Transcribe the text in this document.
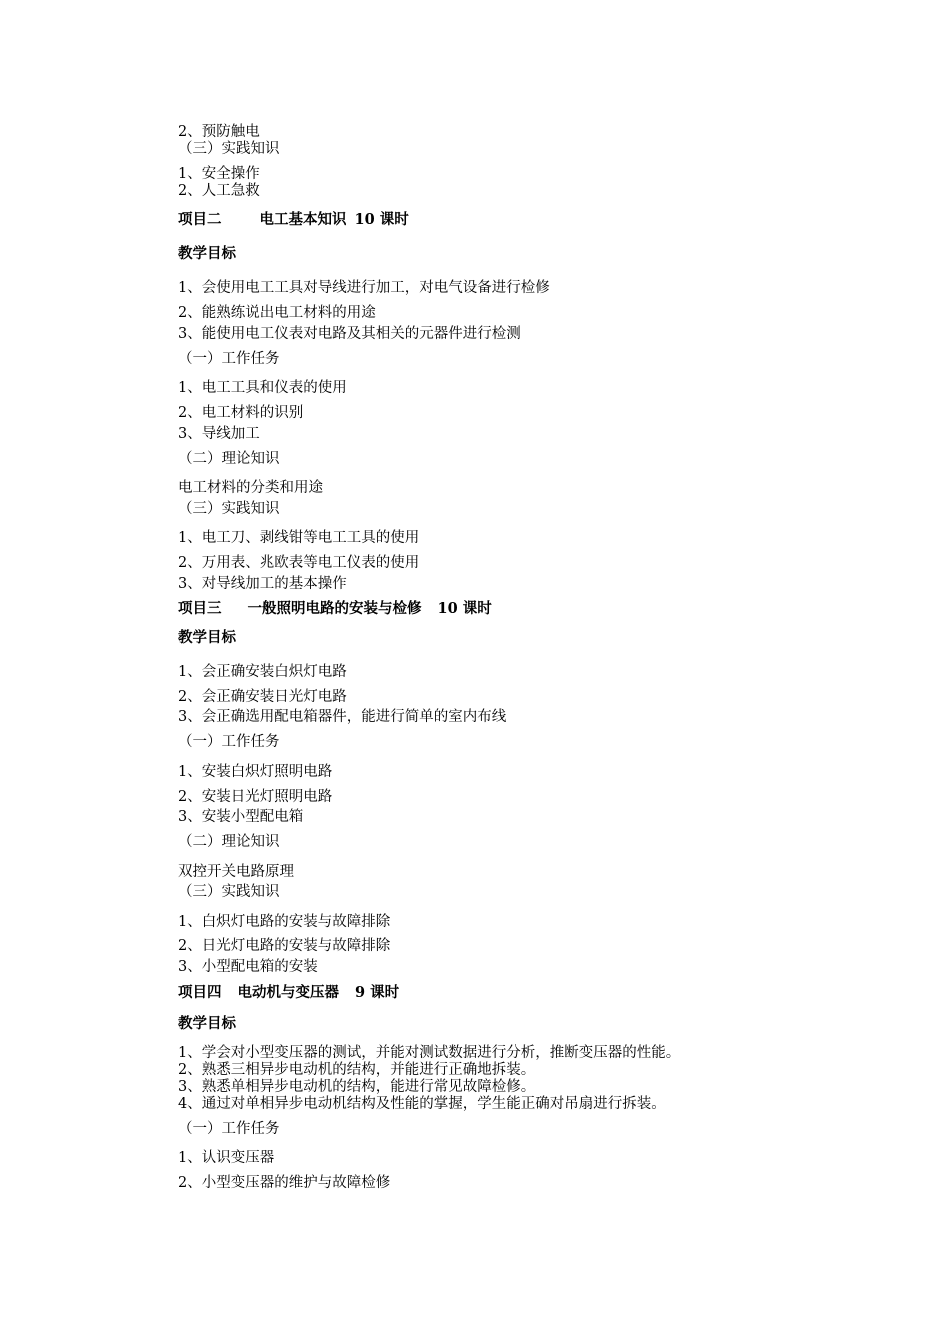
2、预防触电
（三）实践知识
1、安全操作
2、人工急救
项目二	电工基本知识 10 课时
教学目标
1、会使用电工工具对导线进行加工，对电气设备进行检修
2、能熟练说出电工材料的用途
3、能使用电工仪表对电路及其相关的元器件进行检测
（一）工作任务
1、电工工具和仪表的使用
2、电工材料的识别
3、导线加工
（二）理论知识
电工材料的分类和用途
（三）实践知识
1、电工刀、剥线钳等电工工具的使用
2、万用表、兆欧表等电工仪表的使用
3、对导线加工的基本操作
项目三 一般照明电路的安装与检修 10 课时
教学目标
1、会正确安装白炽灯电路
2、会正确安装日光灯电路
3、会正确选用配电箱器件，能进行简单的室内布线
（一）工作任务
1、安装白炽灯照明电路
2、安装日光灯照明电路
3、安装小型配电箱
（二）理论知识
双控开关电路原理
（三）实践知识
1、白炽灯电路的安装与故障排除
2、日光灯电路的安装与故障排除
3、小型配电箱的安装
项目四 电动机与变压器 9 课时
教学目标
1、学会对小型变压器的测试，并能对测试数据进行分析，推断变压器的性能。
2、熟悉三相异步电动机的结构，并能进行正确地拆装。
3、熟悉单相异步电动机的结构，能进行常见故障检修。
4、通过对单相异步电动机结构及性能的掌握，学生能正确对吊扇进行拆装。
（一）工作任务
1、认识变压器
2、小型变压器的维护与故障检修
